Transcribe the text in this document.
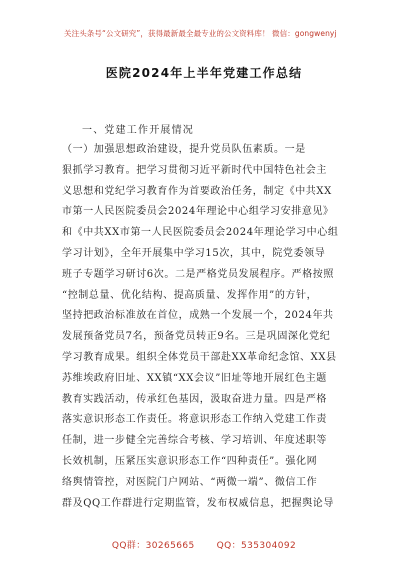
关注头条号“公文研究”，获得最新最全最专业的公文资料库！ 微信：gongwenyj
医院2024年上半年党建工作总结
一、党建工作开展情况
（一）加强思想政治建设，提升党员队伍素质。一是
狠抓学习教育。把学习贯彻习近平新时代中国特色社会主
义思想和党纪学习教育作为首要政治任务，制定《中共XX
市第一人民医院委员会2024年理论中心组学习安排意见》
和《中共XX市第一人民医院委员会2024年理论学习中心组
学习计划》，全年开展集中学习15次，其中，院党委领导
班子专题学习研讨6次。二是严格党员发展程序。严格按照
“控制总量、优化结构、提高质量、发挥作用”的方针，
坚持把政治标准放在首位，成熟一个发展一个，2024年共
发展预备党员7名，预备党员转正9名。三是巩固深化党纪
学习教育成果。组织全体党员干部赴XX革命纪念馆、XX县
苏维埃政府旧址、XX镇“XX会议”旧址等地开展红色主题
教育实践活动，传承红色基因，汲取奋进力量。四是严格
落实意识形态工作责任。将意识形态工作纳入党建工作责
任制，进一步健全完善综合考核、学习培训、年度述职等
长效机制，压紧压实意识形态工作“四种责任”。强化网
络舆情管控，对医院门户网站、“两微一端”、微信工作
群及QQ工作群进行定期监管，发布权威信息，把握舆论导
QQ群：30265665 QQ：535304092
